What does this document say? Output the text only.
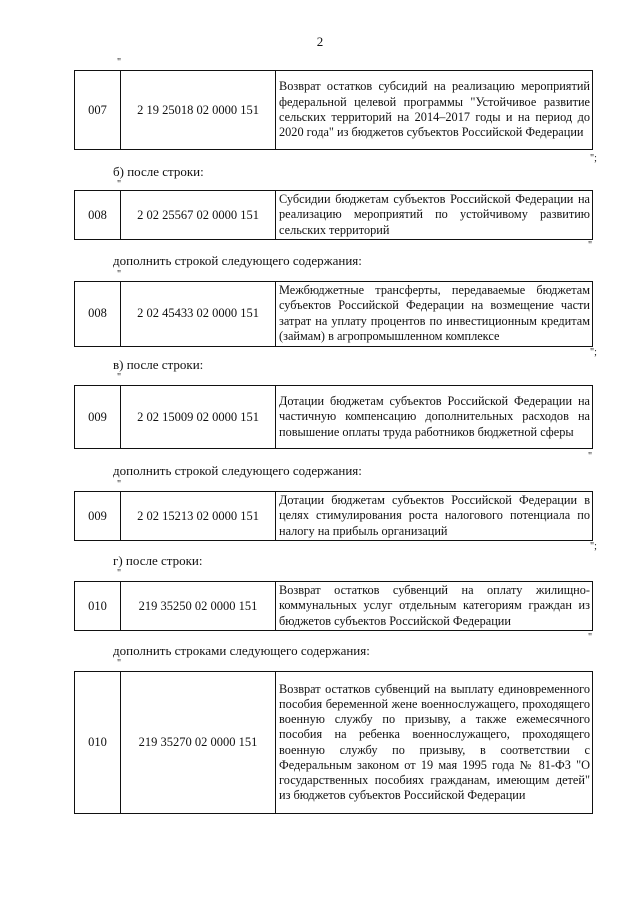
2
"
007	2 19 25018 02 0000 151	Возврат остатков субсидий на реализацию мероприятий федеральной целевой программы "Устойчивое развитие сельских территорий на 2014–2017 годы и на период до 2020 года" из бюджетов субъектов Российской Федерации
";
б) после строки:
"
008	2 02 25567 02 0000 151	Субсидии бюджетам субъектов Российской Федерации на реализацию мероприятий по устойчивому развитию сельских территорий
"
дополнить строкой следующего содержания:
"
008	2 02 45433 02 0000 151	Межбюджетные трансферты, передаваемые бюджетам субъектов Российской Федерации на возмещение части затрат на уплату процентов по инвестиционным кредитам (займам) в агропромышленном комплексе
";
в) после строки:
"
009	2 02 15009 02 0000 151	Дотации бюджетам субъектов Российской Федерации на частичную компенсацию дополнительных расходов на повышение оплаты труда работников бюджетной сферы
"
дополнить строкой следующего содержания:
"
009	2 02 15213 02 0000 151	Дотации бюджетам субъектов Российской Федерации в целях стимулирования роста налогового потенциала по налогу на прибыль организаций
";
г) после строки:
"
010	219 35250 02 0000 151	Возврат остатков субвенций на оплату жилищно-коммунальных услуг отдельным категориям граждан из бюджетов субъектов Российской Федерации
"
дополнить строками следующего содержания:
"
010	219 35270 02 0000 151	Возврат остатков субвенций на выплату единовременного пособия беременной жене военнослужащего, проходящего военную службу по призыву, а также ежемесячного пособия на ребенка военнослужащего, проходящего военную службу по призыву, в соответствии с Федеральным законом от 19 мая 1995 года № 81-ФЗ "О государственных пособиях гражданам, имеющим детей" из бюджетов субъектов Российской Федерации
